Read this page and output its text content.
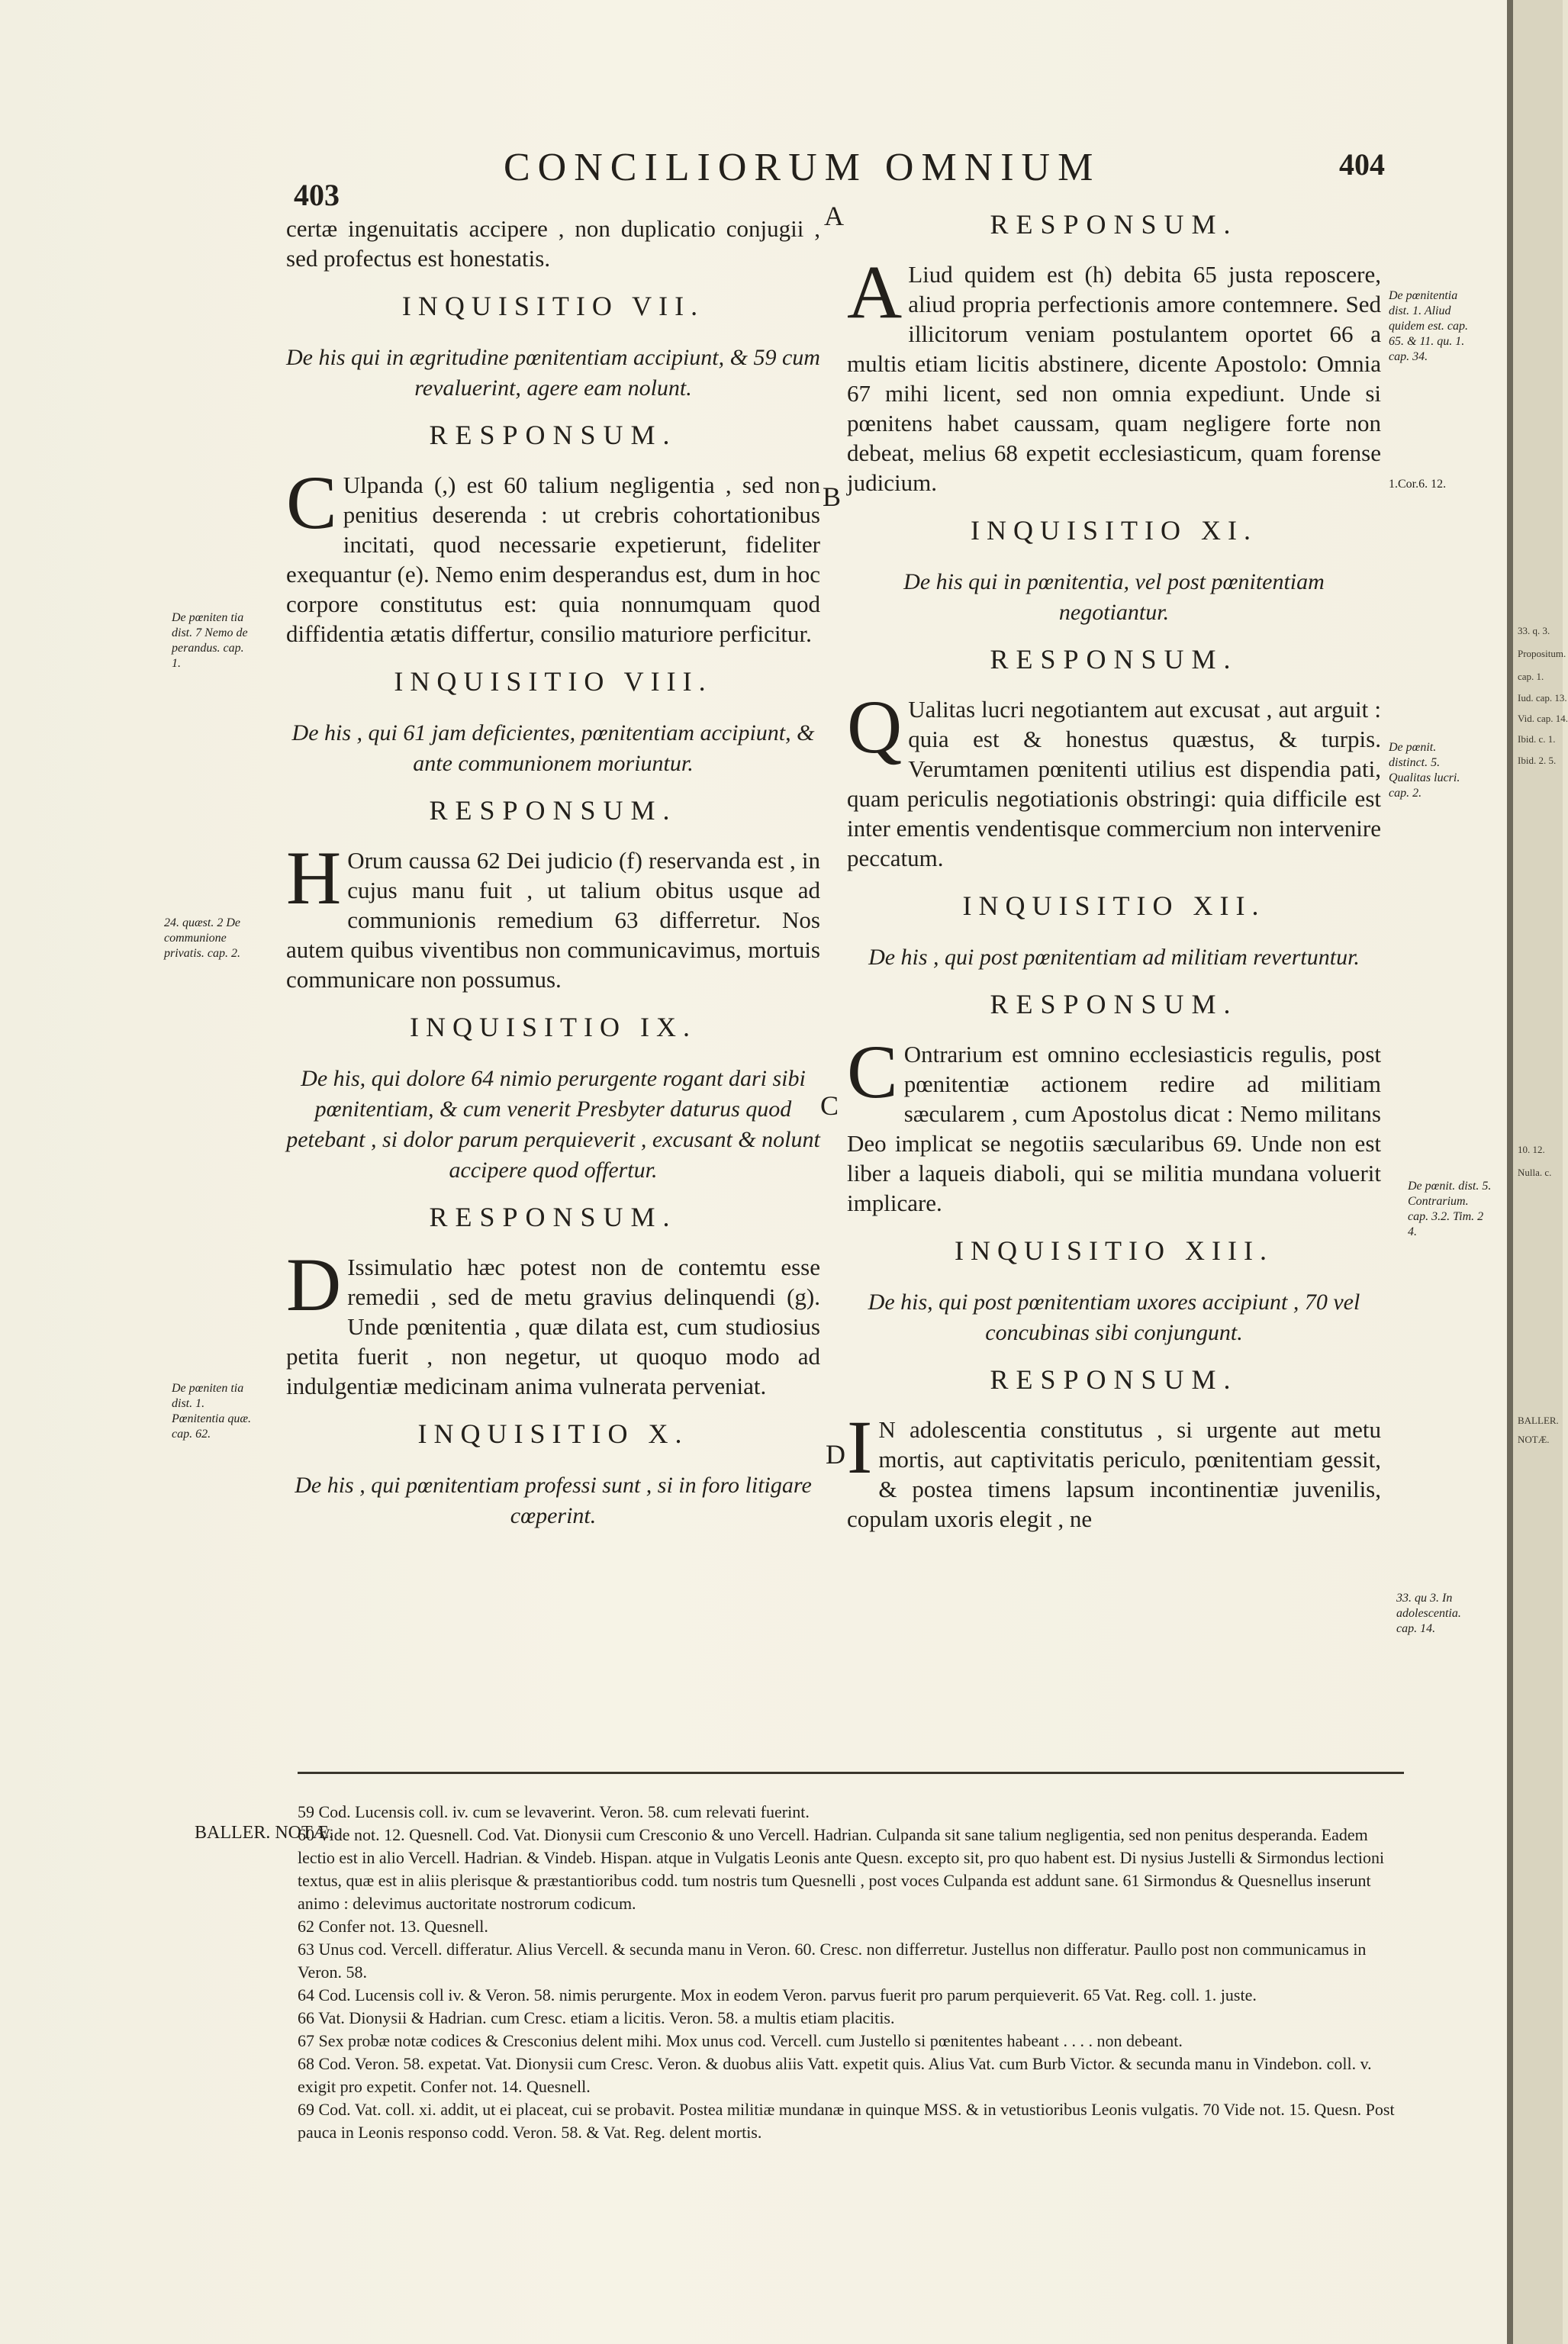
403
CONCILIORUM OMNIUM	404

certæ ingenuitatis accipere , non duplicatio conjugii , sed profectus est honestatis.

INQUISITIO VII.
De his qui in ægritudine pœnitentiam accipiunt, & 59 cum revaluerint, agere eam nolunt.
RESPONSUM.

C Ulpanda (,) est 60 talium negligentia , sed non penitius deserenda : ut crebris cohortationibus incitati, quod necessarie expetierunt, fideliter exequantur (e). Nemo enim desperandus est, dum in hoc corpore constitutus est: quia nonnumquam quod diffidentia ætatis differtur, consilio maturiore perficitur.

INQUISITIO VIII.
De his , qui 61 jam deficientes, pœnitentiam accipiunt, & ante communionem moriuntur.
RESPONSUM.

H Orum caussa 62 Dei judicio (f) reservanda est , in cujus manu fuit , ut talium obitus usque ad communionis remedium 63 differretur. Nos autem quibus viventibus non communicavimus, mortuis communicare non possumus.

INQUISITIO IX.
De his, qui dolore 64 nimio perurgente rogant dari sibi pœnitentiam, & cum venerit Presbyter daturus quod petebant , si dolor parum perquieverit , excusant & nolunt accipere quod offertur.
RESPONSUM.

D Issimulatio hæc potest non de contemtu esse remedii , sed de metu gravius delinquendi (g). Unde pœnitentia , quæ dilata est, cum studiosius petita fuerit , non negetur, ut quoquo modo ad indulgentiæ medicinam anima vulnerata perveniat.

INQUISITIO X.
De his , qui pœnitentiam professi sunt , si in foro litigare cœperint.
RESPONSUM.

A Liud quidem est (h) debita 65 justa reposcere, aliud propria perfectionis amore contemnere. Sed illicitorum veniam postulantem oportet 66 a multis etiam licitis abstinere, dicente Apostolo: Omnia 67 mihi licent, sed non omnia expediunt. Unde si pœnitens habet caussam, quam negligere forte non debeat, melius 68 expetit ecclesiasticum, quam forense judicium.

INQUISITIO XI.
De his qui in pœnitentia, vel post pœnitentiam negotiantur.
RESPONSUM.

Q Ualitas lucri negotiantem aut excusat , aut arguit : quia est & honestus quæstus, & turpis. Verumtamen pœnitenti utilius est dispendia pati, quam periculis negotiationis obstringi: quia difficile est inter ementis vendentisque commercium non intervenire peccatum.

INQUISITIO XII.
De his , qui post pœnitentiam ad militiam revertuntur.
RESPONSUM.

C Ontrarium est omnino ecclesiasticis regulis, post pœnitentiæ actionem redire ad militiam sæcularem , cum Apostolus dicat : Nemo militans Deo implicat se negotiis sæcularibus 69. Unde non est liber a laqueis diaboli, qui se militia mundana voluerit implicare.

INQUISITIO XIII.
De his, qui post pœnitentiam uxores accipiunt , 70 vel concubinas sibi conjungunt.
RESPONSUM.

I N adolescentia constitutus , si urgente aut metu mortis, aut captivitatis periculo, pœnitentiam gessit, & postea timens lapsum incontinentiæ juvenilis, copulam uxoris elegit , ne

A
B
C
D
De pœniten tia dist. 7 Nemo de perandus. cap. 1.
24. quæst. 2 De communione privatis. cap. 2.
De pœniten tia dist. 1. Pœnitentia quæ. cap. 62.
De pœnitentia dist. 1. Aliud quidem est. cap. 65. & 11. qu. 1. cap. 34.
1.Cor.6. 12.
De pœnit. distinct. 5. Qualitas lucri. cap. 2.
De pœnit. dist. 5. Contrarium. cap. 3.2. Tim. 2 4.
33. qu 3. In adolescentia. cap. 14.
BALLER. NOTÆ.
59 Cod. Lucensis coll. iv. cum se levaverint. Veron. 58. cum relevati fuerint.
60 Vide not. 12. Quesnell. Cod. Vat. Dionysii cum Cresconio & uno Vercell. Hadrian. Culpanda sit sane talium negligentia, sed non penitus desperanda. Eadem lectio est in alio Vercell. Hadrian. & Vindeb. Hispan. atque in Vulgatis Leonis ante Quesn. excepto sit, pro quo habent est. Di nysius Justelli & Sirmondus lectioni textus, quæ est in aliis plerisque & præstantioribus codd. tum nostris tum Quesnelli , post voces Culpanda est addunt sane. 61 Sirmondus & Quesnellus inserunt animo : delevimus auctoritate nostrorum codicum.
62 Confer not. 13. Quesnell.
63 Unus cod. Vercell. differatur. Alius Vercell. & secunda manu in Veron. 60. Cresc. non differretur. Justellus non differatur. Paullo post non communicamus in Veron. 58.
64 Cod. Lucensis coll iv. & Veron. 58. nimis perurgente. Mox in eodem Veron. parvus fuerit pro parum perquieverit. 65 Vat. Reg. coll. 1. juste.
66 Vat. Dionysii & Hadrian. cum Cresc. etiam a licitis. Veron. 58. a multis etiam placitis.
67 Sex probæ notæ codices & Cresconius delent mihi. Mox unus cod. Vercell. cum Justello si pœnitentes habeant . . . . non debeant.
68 Cod. Veron. 58. expetat. Vat. Dionysii cum Cresc. Veron. & duobus aliis Vatt. expetit quis. Alius Vat. cum Burb Victor. & secunda manu in Vindebon. coll. v. exigit pro expetit. Confer not. 14. Quesnell.
69 Cod. Vat. coll. xi. addit, ut ei placeat, cui se probavit. Postea militiæ mundanæ in quinque MSS. & in vetustioribus Leonis vulgatis. 70 Vide not. 15. Quesn. Post pauca in Leonis responso codd. Veron. 58. & Vat. Reg. delent mortis.
33. q. 3.
Propositum.
cap. 1.
Iud. cap. 13.
Vid. cap. 14.
Ibid. c. 1.
Ibid. 2. 5.
10. 12.
Nulla. c.
BALLER.
NOTÆ.
